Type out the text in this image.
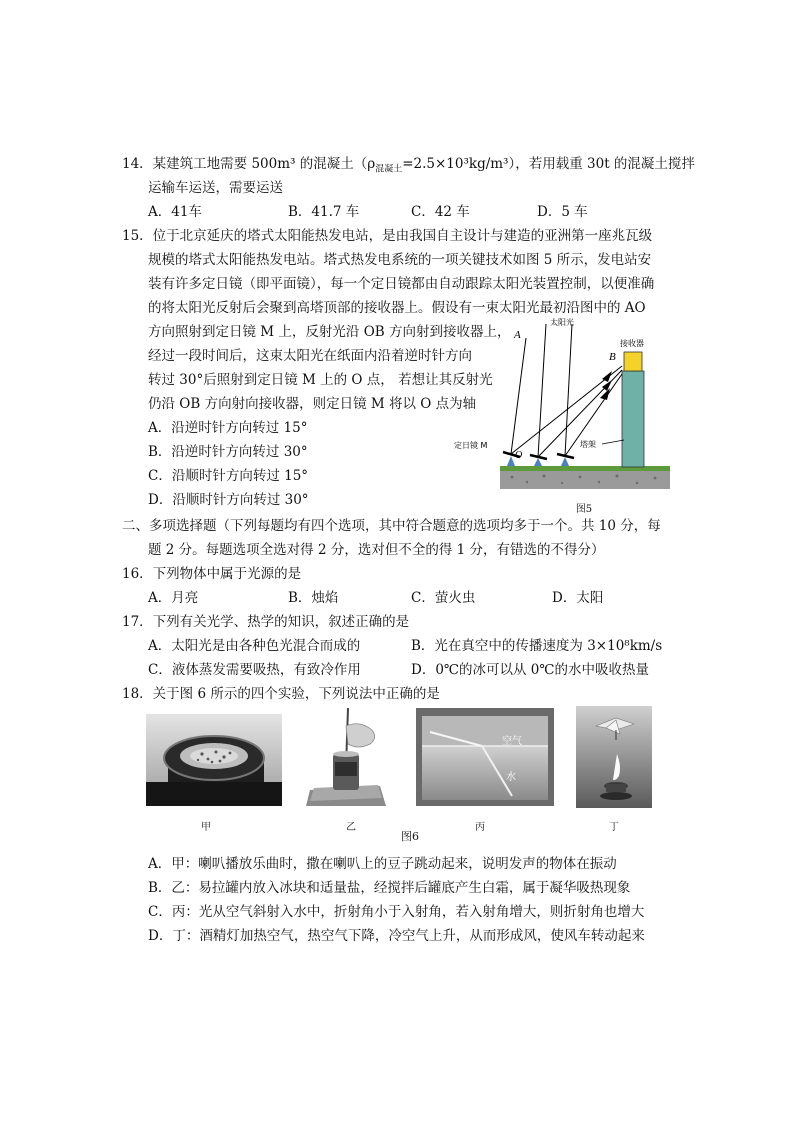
14．某建筑工地需要 500m³ 的混凝土$(\rho_{混凝土}=2.5\times 10^3kg/m^3)$，若用载重 30t 的混凝土搅拌
运输车运送，需要运送
A．41车	B．41.7 车	C．42 车	D．5 车
15．位于北京延庆的塔式太阳能热发电站，是由我国自主设计与建造的亚洲第一座兆瓦级
规模的塔式太阳能热发电站。塔式热发电系统的一项关键技术如图 5 所示，发电站安
装有许多定日镜（即平面镜），每一个定日镜都由自动跟踪太阳光装置控制，以便准确
的将太阳光反射后会聚到高塔顶部的接收器上。假设有一束太阳光最初沿图中的 AO
方向照射到定日镜 M 上，反射光沿 OB 方向射到接收器上，
经过一段时间后，这束太阳光在纸面内沿着逆时针方向
转过 30°后照射到定日镜 M 上的 O 点， 若想让其反射光
仍沿 OB 方向射向接收器，则定日镜 M 将以 O 点为轴
A．沿逆时针方向转过 15°
B．沿逆时针方向转过 30°
C．沿顺时针方向转过 15°
D．沿顺时针方向转过 30°
A
太阳光
B
接收器
定日镜 M
O
塔架
图5
二、多项选择题（下列每题均有四个选项，其中符合题意的选项均多于一个。共 10 分，每
题 2 分。每题选项全选对得 2 分，选对但不全的得 1 分，有错选的不得分）
16．下列物体中属于光源的是
A．月亮	B．烛焰	C．萤火虫	D．太阳
17．下列有关光学、热学的知识，叙述正确的是
A．太阳光是由各种色光混合而成的	B．光在真空中的传播速度为 3×10⁸km/s
C．液体蒸发需要吸热，有致冷作用	D．0℃的冰可以从 0℃的水中吸收热量
18．关于图 6 所示的四个实验，下列说法中正确的是
空气
水
甲	乙	丙	丁
图6
A．甲：喇叭播放乐曲时，撒在喇叭上的豆子跳动起来，说明发声的物体在振动
B．乙：易拉罐内放入冰块和适量盐，经搅拌后罐底产生白霜，属于凝华吸热现象
C．丙：光从空气斜射入水中，折射角小于入射角，若入射角增大，则折射角也增大
D．丁：酒精灯加热空气，热空气下降，冷空气上升，从而形成风，使风车转动起来
